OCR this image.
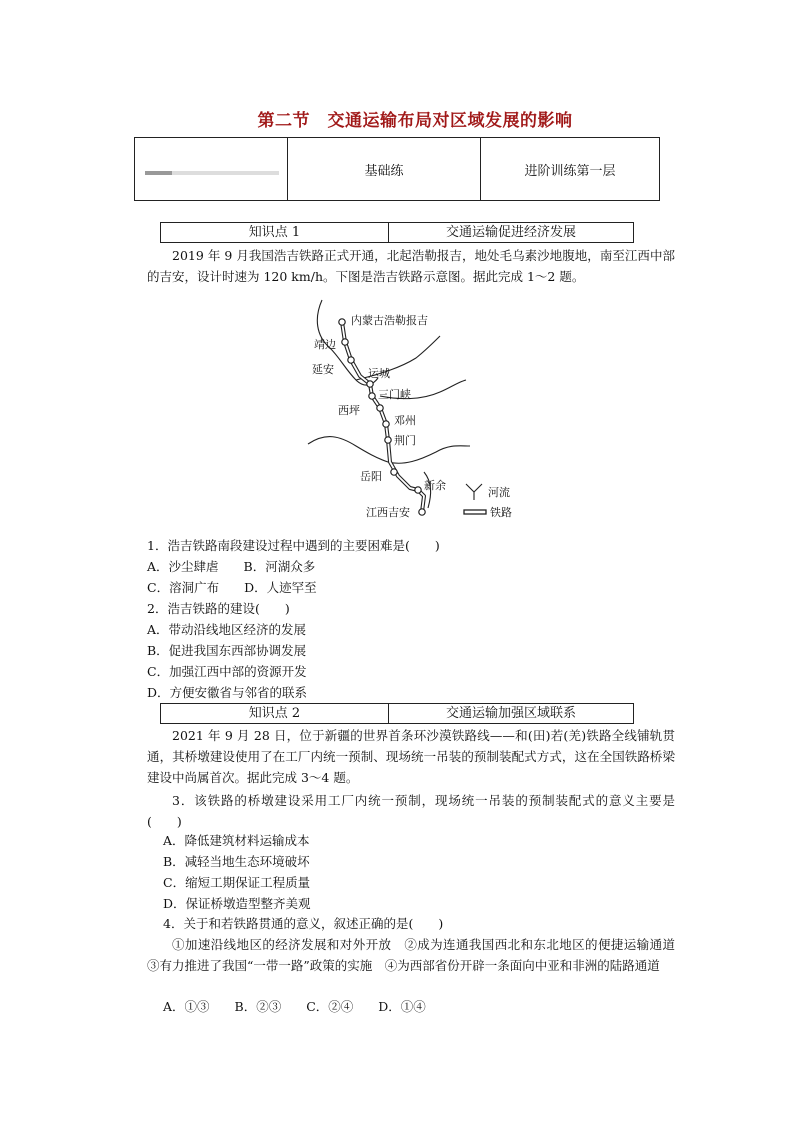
第二节　交通运输布局对区域发展的影响
基础练	进阶训练第一层
知识点 1	交通运输促进经济发展

2019 年 9 月我国浩吉铁路正式开通，北起浩勒报吉，地处毛乌素沙地腹地，南至江西中部的吉安，设计时速为 120 km/h。下图是浩吉铁路示意图。据此完成 1～2 题。

内蒙古浩勒报吉
靖边
延安	运城
三门峡
西坪
邓州
荆门
岳阳
新余
江西吉安
河流
铁路
1．浩吉铁路南段建设过程中遇到的主要困难是(　　)
A．沙尘肆虐　　B．河湖众多
C．溶洞广布　　D．人迹罕至
2．浩吉铁路的建设(　　)
A．带动沿线地区经济的发展
B．促进我国东西部协调发展
C．加强江西中部的资源开发
D．方便安徽省与邻省的联系
知识点 2	交通运输加强区域联系

2021 年 9 月 28 日，位于新疆的世界首条环沙漠铁路线——和(田)若(羌)铁路全线铺轨贯通，其桥墩建设使用了在工厂内统一预制、现场统一吊装的预制装配式方式，这在全国铁路桥梁建设中尚属首次。据此完成 3～4 题。

3．该铁路的桥墩建设采用工厂内统一预制，现场统一吊装的预制装配式的意义主要是(　　)

A．降低建筑材料运输成本
B．减轻当地生态环境破坏
C．缩短工期保证工程质量
D．保证桥墩造型整齐美观
4．关于和若铁路贯通的意义，叙述正确的是(　　)

①加速沿线地区的经济发展和对外开放　②成为连通我国西北和东北地区的便捷运输通道　③有力推进了我国“一带一路”政策的实施　④为西部省份开辟一条面向中亚和非洲的陆路通道

A．①③　　B．②③　　C．②④　　D．①④
